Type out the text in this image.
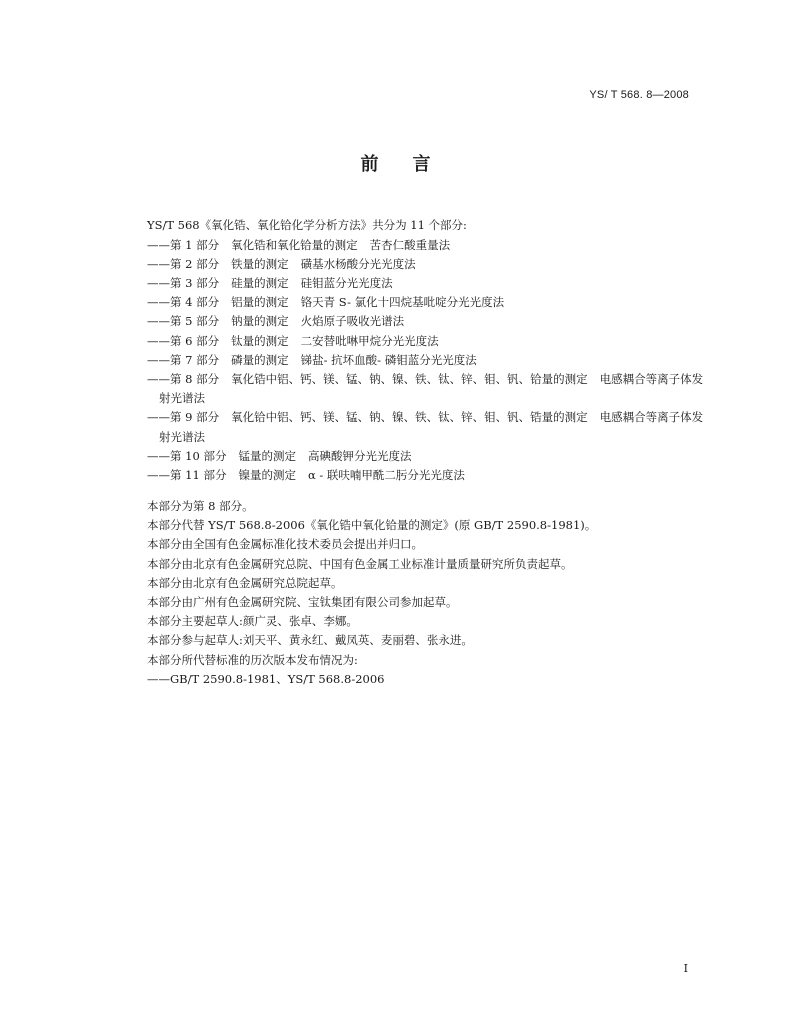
YS/ T 568. 8—2008
前言
YS/T 568《氧化锆、氧化铪化学分析方法》共分为 11 个部分:
——第 1 部分 氧化锆和氧化铪量的测定 苦杏仁酸重量法
——第 2 部分 铁量的测定 磺基水杨酸分光光度法
——第 3 部分 硅量的测定 硅钼蓝分光光度法
——第 4 部分 铝量的测定 铬天青 S- 氯化十四烷基吡啶分光光度法
——第 5 部分 钠量的测定 火焰原子吸收光谱法
——第 6 部分 钛量的测定 二安替吡啉甲烷分光光度法
——第 7 部分 磷量的测定 锑盐- 抗坏血酸- 磷钼蓝分光光度法
——第 8 部分 氧化锆中铝、钙、镁、锰、钠、镍、铁、钛、锌、钼、钒、铪量的测定 电感耦合等离子体发射光谱法
——第 9 部分 氧化铪中铝、钙、镁、锰、钠、镍、铁、钛、锌、钼、钒、锆量的测定 电感耦合等离子体发射光谱法
——第 10 部分 锰量的测定 高碘酸钾分光光度法
——第 11 部分 镍量的测定 α - 联呋喃甲酰二肟分光光度法
本部分为第 8 部分。
本部分代替 YS/T 568.8-2006《氧化锆中氧化铪量的测定》(原 GB/T 2590.8-1981)。
本部分由全国有色金属标准化技术委员会提出并归口。
本部分由北京有色金属研究总院、中国有色金属工业标准计量质量研究所负责起草。
本部分由北京有色金属研究总院起草。
本部分由广州有色金属研究院、宝钛集团有限公司参加起草。
本部分主要起草人:颜广灵、张卓、李娜。
本部分参与起草人:刘天平、黄永红、戴凤英、麦丽碧、张永进。
本部分所代替标准的历次版本发布情况为:
——GB/T 2590.8-1981、YS/T 568.8-2006
I
